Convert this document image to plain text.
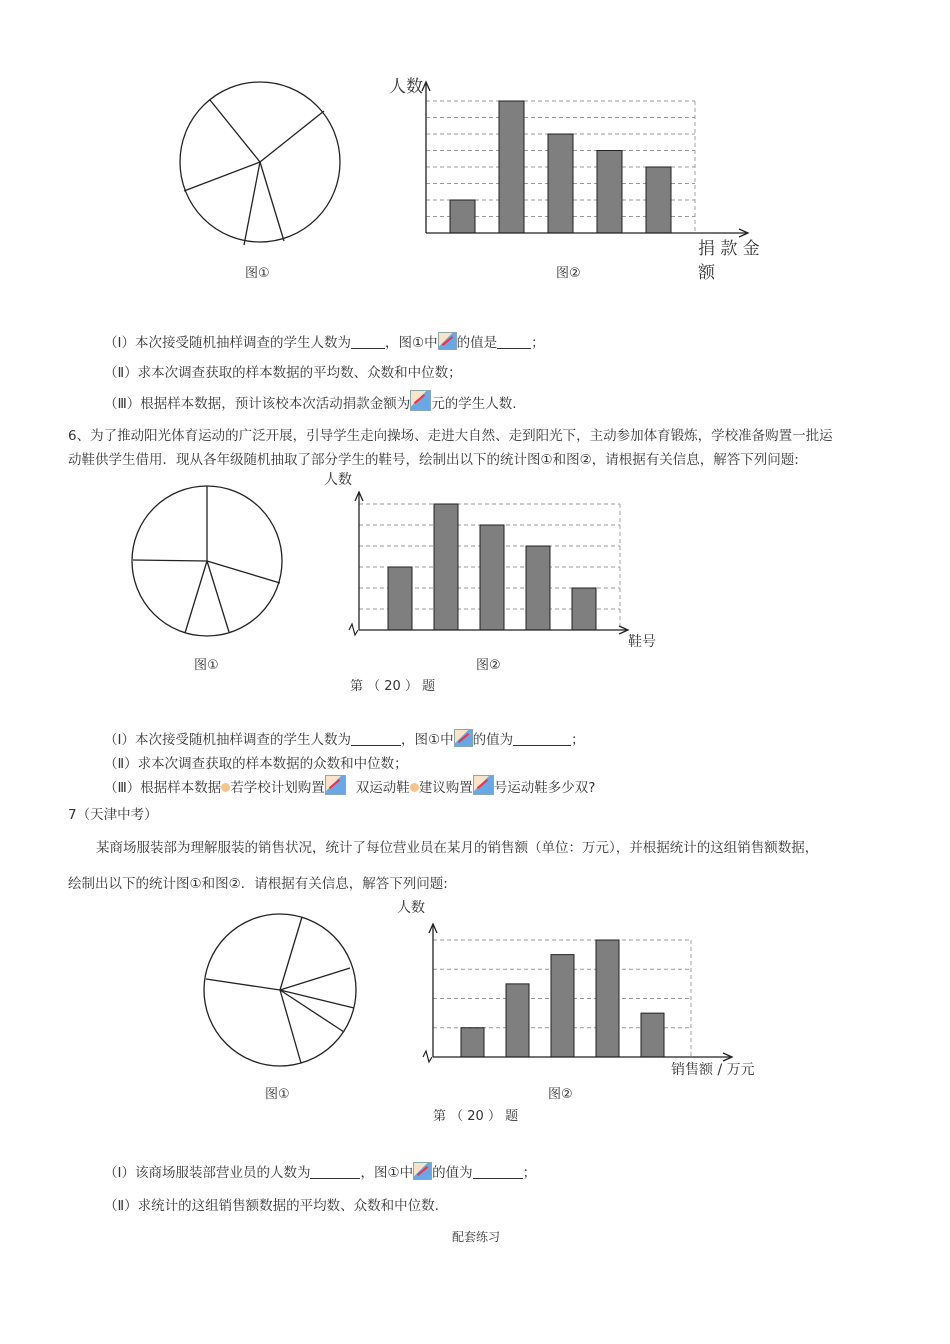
图①
人数
捐 款 金
额
图②
（Ⅰ）本次接受随机抽样调查的学生人数为	，图①中 的值是	；
（Ⅱ）求本次调查获取的样本数据的平均数、众数和中位数；
（Ⅲ）根据样本数据，预计该校本次活动捐款金额为 元的学生人数.
6、为了推动阳光体育运动的广泛开展，引导学生走向操场、走进大自然、走到阳光下，主动参加体育锻炼，学校准备购置一批运
动鞋供学生借用．现从各年级随机抽取了部分学生的鞋号，绘制出以下的统计图①和图②，请根据有关信息，解答下列问题:
图①
人数
鞋号
图②
第 （ 20 ） 题
（Ⅰ）本次接受随机抽样调查的学生人数为	，图①中 的值为	；
（Ⅱ）求本次调查获取的样本数据的众数和中位数；
（Ⅲ）根据样本数据 若学校计划购置 双运动鞋 建议购置 号运动鞋多少双?
7（天津中考）
某商场服装部为理解服装的销售状况，统计了每位营业员在某月的销售额（单位：万元），并根据统计的这组销售额数据，
绘制出以下的统计图①和图②．请根据有关信息，解答下列问题:
图①
人数
销售额 / 万元
图②
第 （ 20 ） 题
（Ⅰ）该商场服装部营业员的人数为	，图①中 的值为	；
（Ⅱ）求统计的这组销售额数据的平均数、众数和中位数.
配套练习
